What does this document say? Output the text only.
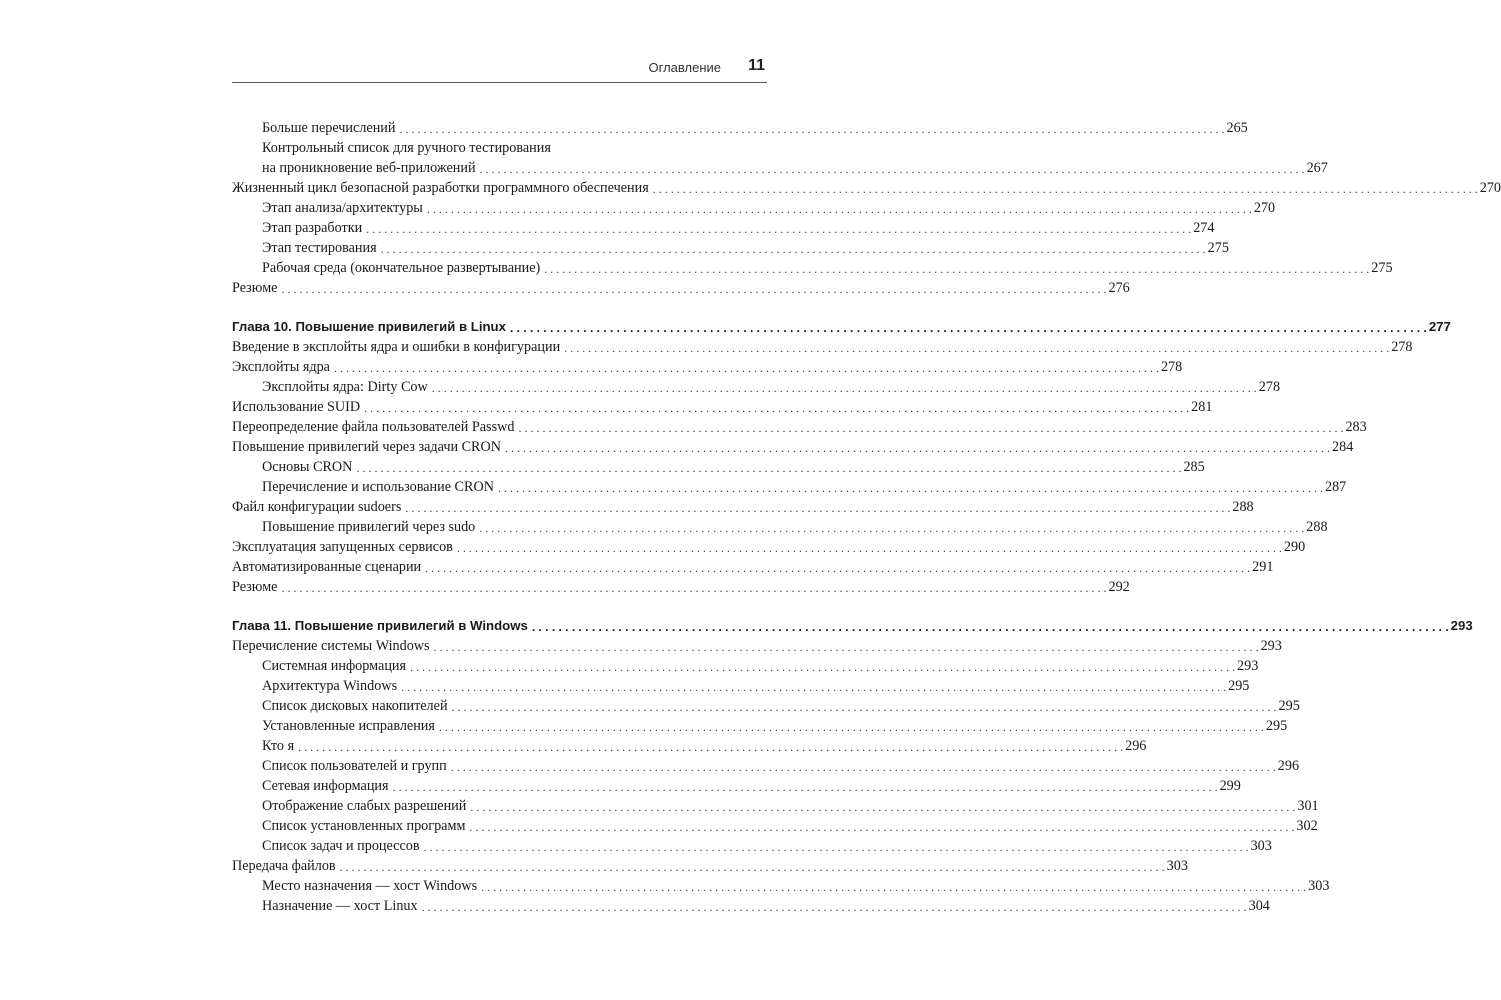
Оглавление 11
Больше перечислений . . .	265
Контрольный список для ручного тестирования
на проникновение веб-приложений . . .	267
Жизненный цикл безопасной разработки программного обеспечения . . .	270
Этап анализа/архитектуры . . .	270
Этап разработки . . .	274
Этап тестирования . . .	275
Рабочая среда (окончательное развертывание) . . .	275
Резюме . . .	276
Глава 10. Повышение привилегий в Linux . . .	277
Введение в эксплойты ядра и ошибки в конфигурации . . .	278
Эксплойты ядра . . .	278
Эксплойты ядра: Dirty Cow . . .	278
Использование SUID . . .	281
Переопределение файла пользователей Passwd . . .	283
Повышение привилегий через задачи CRON . . .	284
Основы CRON . . .	285
Перечисление и использование CRON . . .	287
Файл конфигурации sudoers . . .	288
Повышение привилегий через sudo . . .	288
Эксплуатация запущенных сервисов . . .	290
Автоматизированные сценарии . . .	291
Резюме . . .	292
Глава 11. Повышение привилегий в Windows . . .	293
Перечисление системы Windows . . .	293
Системная информация . . .	293
Архитектура Windows . . .	295
Список дисковых накопителей . . .	295
Установленные исправления . . .	295
Кто я . . .	296
Список пользователей и групп . . .	296
Сетевая информация . . .	299
Отображение слабых разрешений . . .	301
Список установленных программ . . .	302
Список задач и процессов . . .	303
Передача файлов . . .	303
Место назначения — хост Windows . . .	303
Назначение — хост Linux . . .	304
